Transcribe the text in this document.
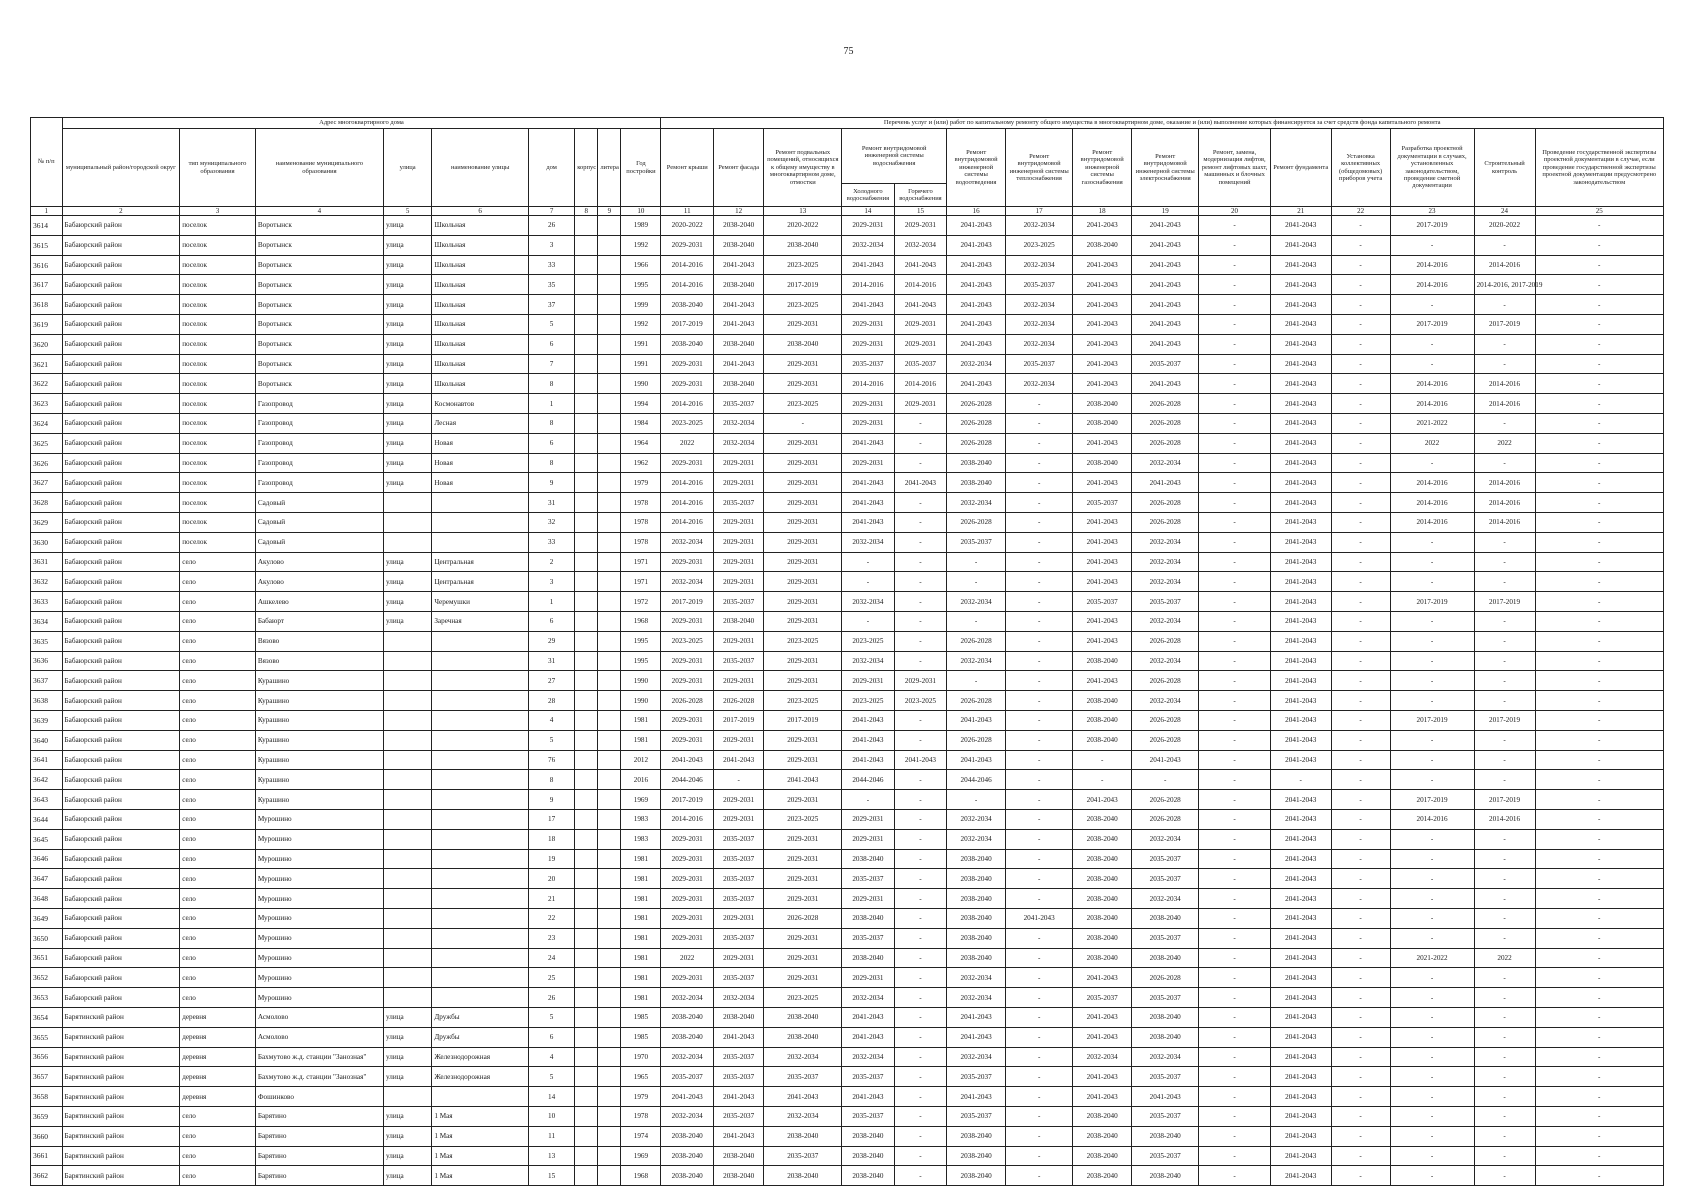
75
№ п/п	Адрес многоквартирного дома									Перечень услуг и (или) работ по капитальному ремонту общего имущества в многоквартирном доме, оказание и (или) выполнение которых финансируется за счет средств фонда капитального ремонта														
	муниципальный район/городской округ	тип муниципального образования	наименование муниципального образования	улица	наименование улицы	дом	корпус	литера	Год постройки	Ремонт крыши	Ремонт фасада	Ремонт подвальных помещений, относящихся к общему имуществу в многоквартирном доме, отмостки	Ремонт внутридомовой инженерной системы водоснабжения		Ремонт внутридомовой инженерной системы водоотведения	Ремонт внутридомовой инженерной системы теплоснабжения	Ремонт внутридомовой инженерной системы газоснабжения	Ремонт внутридомовой инженерной системы электроснабжения	Ремонт, замена, модернизация лифтов, ремонт лифтовых шахт, машинных и блочных помещений	Ремонт фундамента	Установка коллективных (общедомовых) приборов учета	Разработка проектной документации в случаях, установленных законодательством, проведение сметной документации	Строительный контроль	Проведение государственной экспертизы проектной документации в случае, если проведение государственной экспертизы проектной документации предусмотрено законодательством
													Холодного водоснабжения	Горячего водоснабжения										
1	2	3	4	5	6	7	8	9	10	11	12	13	14	15	16	17	18	19	20	21	22	23	24	25
3614	Бабаюрский район	поселок	Воротынск	улица	Школьная	26			1989	2020-2022	2038-2040	2020-2022	2029-2031	2029-2031	2041-2043	2032-2034	2041-2043	2041-2043	-	2041-2043	-	2017-2019	2020-2022	-
3615	Бабаюрский район	поселок	Воротынск	улица	Школьная	3			1992	2029-2031	2038-2040	2038-2040	2032-2034	2032-2034	2041-2043	2023-2025	2038-2040	2041-2043	-	2041-2043	-	-	-	-
3616	Бабаюрский район	поселок	Воротынск	улица	Школьная	33			1966	2014-2016	2041-2043	2023-2025	2041-2043	2041-2043	2041-2043	2032-2034	2041-2043	2041-2043	-	2041-2043	-	2014-2016	2014-2016	-
3617	Бабаюрский район	поселок	Воротынск	улица	Школьная	35			1995	2014-2016	2038-2040	2017-2019	2014-2016	2014-2016	2041-2043	2035-2037	2041-2043	2041-2043	-	2041-2043	-	2014-2016	2014-2016, 2017-2019	-
3618	Бабаюрский район	поселок	Воротынск	улица	Школьная	37			1999	2038-2040	2041-2043	2023-2025	2041-2043	2041-2043	2041-2043	2032-2034	2041-2043	2041-2043	-	2041-2043	-	-	-	-
3619	Бабаюрский район	поселок	Воротынск	улица	Школьная	5			1992	2017-2019	2041-2043	2029-2031	2029-2031	2029-2031	2041-2043	2032-2034	2041-2043	2041-2043	-	2041-2043	-	2017-2019	2017-2019	-
3620	Бабаюрский район	поселок	Воротынск	улица	Школьная	6			1991	2038-2040	2038-2040	2038-2040	2029-2031	2029-2031	2041-2043	2032-2034	2041-2043	2041-2043	-	2041-2043	-	-	-	-
3621	Бабаюрский район	поселок	Воротынск	улица	Школьная	7			1991	2029-2031	2041-2043	2029-2031	2035-2037	2035-2037	2032-2034	2035-2037	2041-2043	2035-2037	-	2041-2043	-	-	-	-
3622	Бабаюрский район	поселок	Воротынск	улица	Школьная	8			1990	2029-2031	2038-2040	2029-2031	2014-2016	2014-2016	2041-2043	2032-2034	2041-2043	2041-2043	-	2041-2043	-	2014-2016	2014-2016	-
3623	Бабаюрский район	поселок	Газопровод	улица	Космонавтов	1			1994	2014-2016	2035-2037	2023-2025	2029-2031	2029-2031	2026-2028	-	2038-2040	2026-2028	-	2041-2043	-	2014-2016	2014-2016	-
3624	Бабаюрский район	поселок	Газопровод	улица	Лесная	8			1984	2023-2025	2032-2034	-	2029-2031	-	2026-2028	-	2038-2040	2026-2028	-	2041-2043	-	2021-2022	-	-
3625	Бабаюрский район	поселок	Газопровод	улица	Новая	6			1964	2022	2032-2034	2029-2031	2041-2043	-	2026-2028	-	2041-2043	2026-2028	-	2041-2043	-	2022	2022	-
3626	Бабаюрский район	поселок	Газопровод	улица	Новая	8			1962	2029-2031	2029-2031	2029-2031	2029-2031	-	2038-2040	-	2038-2040	2032-2034	-	2041-2043	-	-	-	-
3627	Бабаюрский район	поселок	Газопровод	улица	Новая	9			1979	2014-2016	2029-2031	2029-2031	2041-2043	2041-2043	2038-2040	-	2041-2043	2041-2043	-	2041-2043	-	2014-2016	2014-2016	-
3628	Бабаюрский район	поселок	Садовый			31			1978	2014-2016	2035-2037	2029-2031	2041-2043	-	2032-2034	-	2035-2037	2026-2028	-	2041-2043	-	2014-2016	2014-2016	-
3629	Бабаюрский район	поселок	Садовый			32			1978	2014-2016	2029-2031	2029-2031	2041-2043	-	2026-2028	-	2041-2043	2026-2028	-	2041-2043	-	2014-2016	2014-2016	-
3630	Бабаюрский район	поселок	Садовый			33			1978	2032-2034	2029-2031	2029-2031	2032-2034	-	2035-2037	-	2041-2043	2032-2034	-	2041-2043	-	-	-	-
3631	Бабаюрский район	село	Акулово	улица	Центральная	2			1971	2029-2031	2029-2031	2029-2031	-	-	-	-	2041-2043	2032-2034	-	2041-2043	-	-	-	-
3632	Бабаюрский район	село	Акулово	улица	Центральная	3			1971	2032-2034	2029-2031	2029-2031	-	-	-	-	2041-2043	2032-2034	-	2041-2043	-	-	-	-
3633	Бабаюрский район	село	Ашкелево	улица	Черемушки	1			1972	2017-2019	2035-2037	2029-2031	2032-2034	-	2032-2034	-	2035-2037	2035-2037	-	2041-2043	-	2017-2019	2017-2019	-
3634	Бабаюрский район	село	Бабаюрт	улица	Заречная	6			1968	2029-2031	2038-2040	2029-2031	-	-	-	-	2041-2043	2032-2034	-	2041-2043	-	-	-	-
3635	Бабаюрский район	село	Вязово			29			1995	2023-2025	2029-2031	2023-2025	2023-2025	-	2026-2028	-	2041-2043	2026-2028	-	2041-2043	-	-	-	-
3636	Бабаюрский район	село	Вязово			31			1995	2029-2031	2035-2037	2029-2031	2032-2034	-	2032-2034	-	2038-2040	2032-2034	-	2041-2043	-	-	-	-
3637	Бабаюрский район	село	Курашино			27			1990	2029-2031	2029-2031	2029-2031	2029-2031	2029-2031	-	-	2041-2043	2026-2028	-	2041-2043	-	-	-	-
3638	Бабаюрский район	село	Курашино			28			1990	2026-2028	2026-2028	2023-2025	2023-2025	2023-2025	2026-2028	-	2038-2040	2032-2034	-	2041-2043	-	-	-	-
3639	Бабаюрский район	село	Курашино			4			1981	2029-2031	2017-2019	2017-2019	2041-2043	-	2041-2043	-	2038-2040	2026-2028	-	2041-2043	-	2017-2019	2017-2019	-
3640	Бабаюрский район	село	Курашино			5			1981	2029-2031	2029-2031	2029-2031	2041-2043	-	2026-2028	-	2038-2040	2026-2028	-	2041-2043	-	-	-	-
3641	Бабаюрский район	село	Курашино			76			2012	2041-2043	2041-2043	2029-2031	2041-2043	2041-2043	2041-2043	-	-	2041-2043	-	2041-2043	-	-	-	-
3642	Бабаюрский район	село	Курашино			8			2016	2044-2046	-	2041-2043	2044-2046	-	2044-2046	-	-	-	-	-	-	-	-	-
3643	Бабаюрский район	село	Курашино			9			1969	2017-2019	2029-2031	2029-2031	-	-	-	-	2041-2043	2026-2028	-	2041-2043	-	2017-2019	2017-2019	-
3644	Бабаюрский район	село	Мурошино			17			1983	2014-2016	2029-2031	2023-2025	2029-2031	-	2032-2034	-	2038-2040	2026-2028	-	2041-2043	-	2014-2016	2014-2016	-
3645	Бабаюрский район	село	Мурошино			18			1983	2029-2031	2035-2037	2029-2031	2029-2031	-	2032-2034	-	2038-2040	2032-2034	-	2041-2043	-	-	-	-
3646	Бабаюрский район	село	Мурошино			19			1981	2029-2031	2035-2037	2029-2031	2038-2040	-	2038-2040	-	2038-2040	2035-2037	-	2041-2043	-	-	-	-
3647	Бабаюрский район	село	Мурошино			20			1981	2029-2031	2035-2037	2029-2031	2035-2037	-	2038-2040	-	2038-2040	2035-2037	-	2041-2043	-	-	-	-
3648	Бабаюрский район	село	Мурошино			21			1981	2029-2031	2035-2037	2029-2031	2029-2031	-	2038-2040	-	2038-2040	2032-2034	-	2041-2043	-	-	-	-
3649	Бабаюрский район	село	Мурошино			22			1981	2029-2031	2029-2031	2026-2028	2038-2040	-	2038-2040	2041-2043	2038-2040	2038-2040	-	2041-2043	-	-	-	-
3650	Бабаюрский район	село	Мурошино			23			1981	2029-2031	2035-2037	2029-2031	2035-2037	-	2038-2040	-	2038-2040	2035-2037	-	2041-2043	-	-	-	-
3651	Бабаюрский район	село	Мурошино			24			1981	2022	2029-2031	2029-2031	2038-2040	-	2038-2040	-	2038-2040	2038-2040	-	2041-2043	-	2021-2022	2022	-
3652	Бабаюрский район	село	Мурошино			25			1981	2029-2031	2035-2037	2029-2031	2029-2031	-	2032-2034	-	2041-2043	2026-2028	-	2041-2043	-	-	-	-
3653	Бабаюрский район	село	Мурошино			26			1981	2032-2034	2032-2034	2023-2025	2032-2034	-	2032-2034	-	2035-2037	2035-2037	-	2041-2043	-	-	-	-
3654	Барятинский район	деревня	Асмолово	улица	Дружбы	5			1985	2038-2040	2038-2040	2038-2040	2041-2043	-	2041-2043	-	2041-2043	2038-2040	-	2041-2043	-	-	-	-
3655	Барятинский район	деревня	Асмолово	улица	Дружбы	6			1985	2038-2040	2041-2043	2038-2040	2041-2043	-	2041-2043	-	2041-2043	2038-2040	-	2041-2043	-	-	-	-
3656	Барятинский район	деревня	Бахмутово ж.д. станции "Занозная"	улица	Железнодорожная	4			1970	2032-2034	2035-2037	2032-2034	2032-2034	-	2032-2034	-	2032-2034	2032-2034	-	2041-2043	-	-	-	-
3657	Барятинский район	деревня	Бахмутово ж.д. станции "Занозная"	улица	Железнодорожная	5			1965	2035-2037	2035-2037	2035-2037	2035-2037	-	2035-2037	-	2041-2043	2035-2037	-	2041-2043	-	-	-	-
3658	Барятинский район	деревня	Фошинково			14			1979	2041-2043	2041-2043	2041-2043	2041-2043	-	2041-2043	-	2041-2043	2041-2043	-	2041-2043	-	-	-	-
3659	Барятинский район	село	Барятино	улица	1 Мая	10			1978	2032-2034	2035-2037	2032-2034	2035-2037	-	2035-2037	-	2038-2040	2035-2037	-	2041-2043	-	-	-	-
3660	Барятинский район	село	Барятино	улица	1 Мая	11			1974	2038-2040	2041-2043	2038-2040	2038-2040	-	2038-2040	-	2038-2040	2038-2040	-	2041-2043	-	-	-	-
3661	Барятинский район	село	Барятино	улица	1 Мая	13			1969	2038-2040	2038-2040	2035-2037	2038-2040	-	2038-2040	-	2038-2040	2035-2037	-	2041-2043	-	-	-	-
3662	Барятинский район	село	Барятино	улица	1 Мая	15			1968	2038-2040	2038-2040	2038-2040	2038-2040	-	2038-2040	-	2038-2040	2038-2040	-	2041-2043	-	-	-	-
